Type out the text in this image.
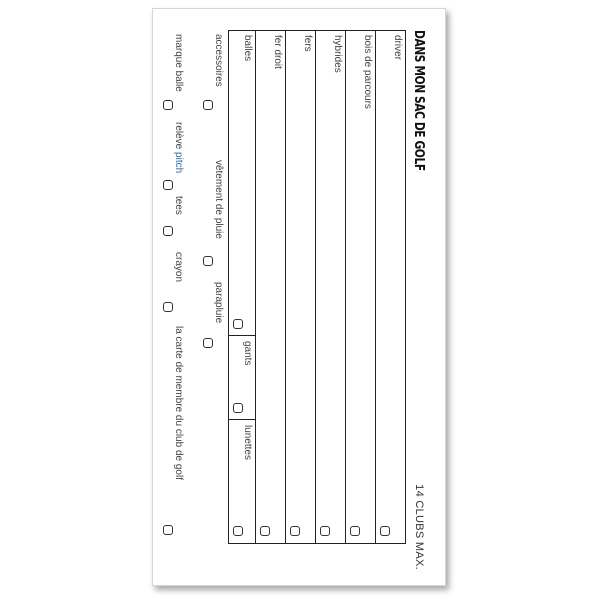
DANS MON SAC DE GOLF
14 CLUBS MAX.
driver
bois de parcours
hybrides
fers
fer droit
balles
gants
lunettes
accessoires
vêtement de pluie
parapluie
marque balle
relève pitch
tees
crayon
la carte de membre du club de golf
